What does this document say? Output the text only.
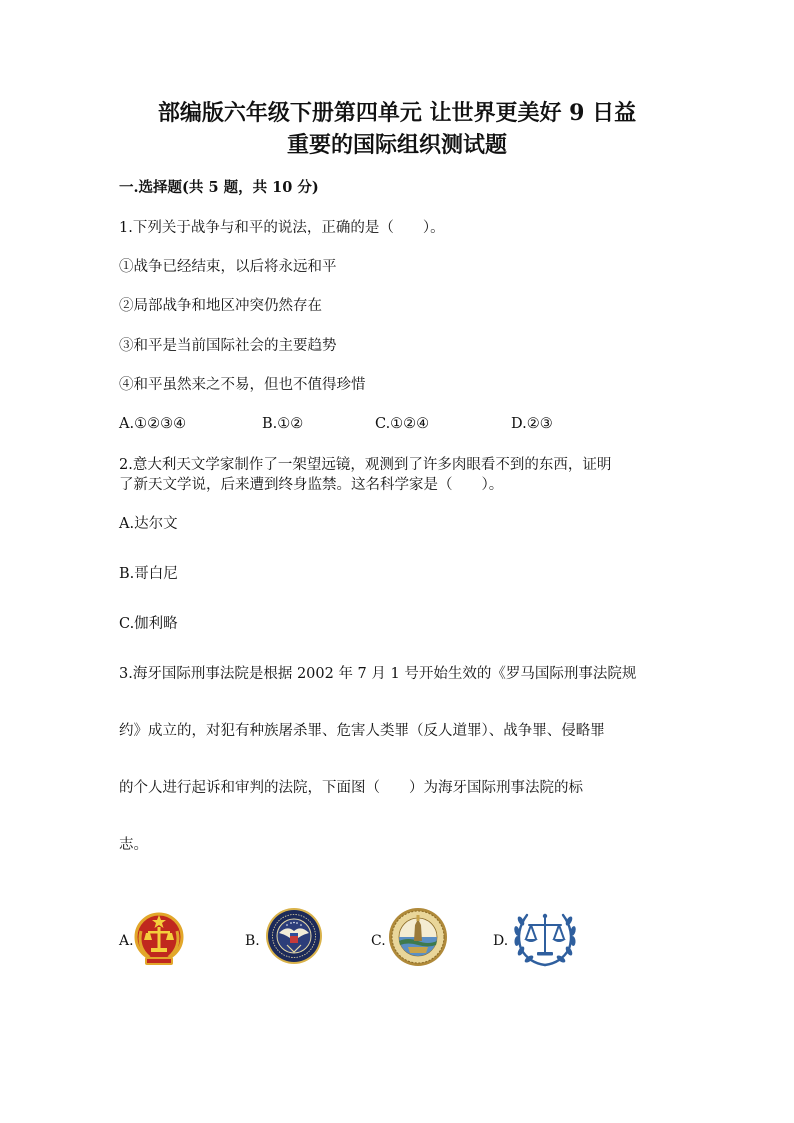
部编版六年级下册第四单元 让世界更美好 9 日益
重要的国际组织测试题
一.选择题(共 5 题，共 10 分)
1.下列关于战争与和平的说法，正确的是（　　）。
①战争已经结束，以后将永远和平
②局部战争和地区冲突仍然存在
③和平是当前国际社会的主要趋势
④和平虽然来之不易，但也不值得珍惜
A.①②③④	B.①②	C.①②④	D.②③
2.意大利天文学家制作了一架望远镜，观测到了许多肉眼看不到的东西，证明
了新天文学说，后来遭到终身监禁。这名科学家是（　　）。
A.达尔文
B.哥白尼
C.伽利略
3.海牙国际刑事法院是根据 2002 年 7 月 1 号开始生效的《罗马国际刑事法院规
约》成立的，对犯有种族屠杀罪、危害人类罪（反人道罪）、战争罪、侵略罪
的个人进行起诉和审判的法院，下面图（　　）为海牙国际刑事法院的标
志。
A.	B.	C.	D.
